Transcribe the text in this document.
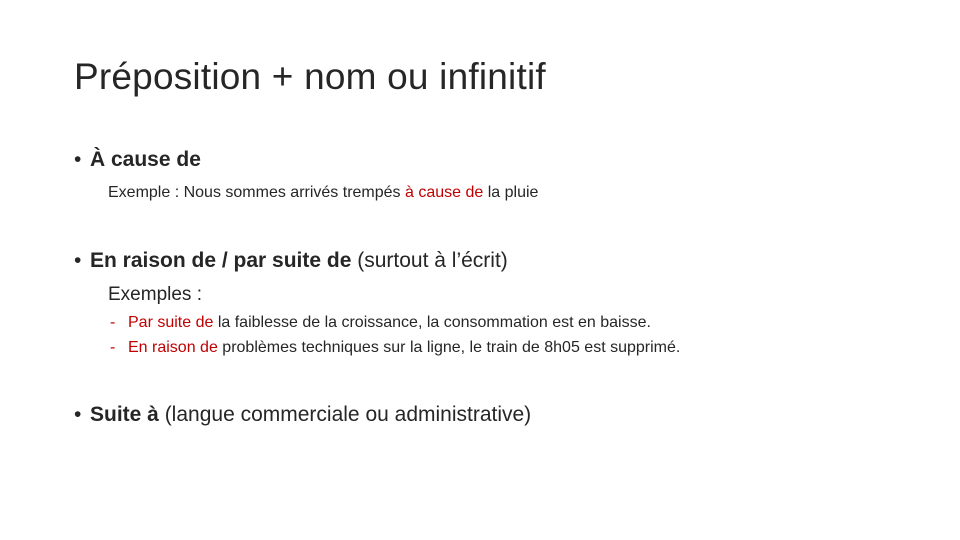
Préposition + nom ou infinitif
• À cause de
Exemple : Nous sommes arrivés trempés à cause de la pluie
• En raison de / par suite de (surtout à l’écrit)
Exemples :
- Par suite de la faiblesse de la croissance, la consommation est en baisse.
- En raison de problèmes techniques sur la ligne, le train de 8h05 est supprimé.
• Suite à (langue commerciale ou administrative)
